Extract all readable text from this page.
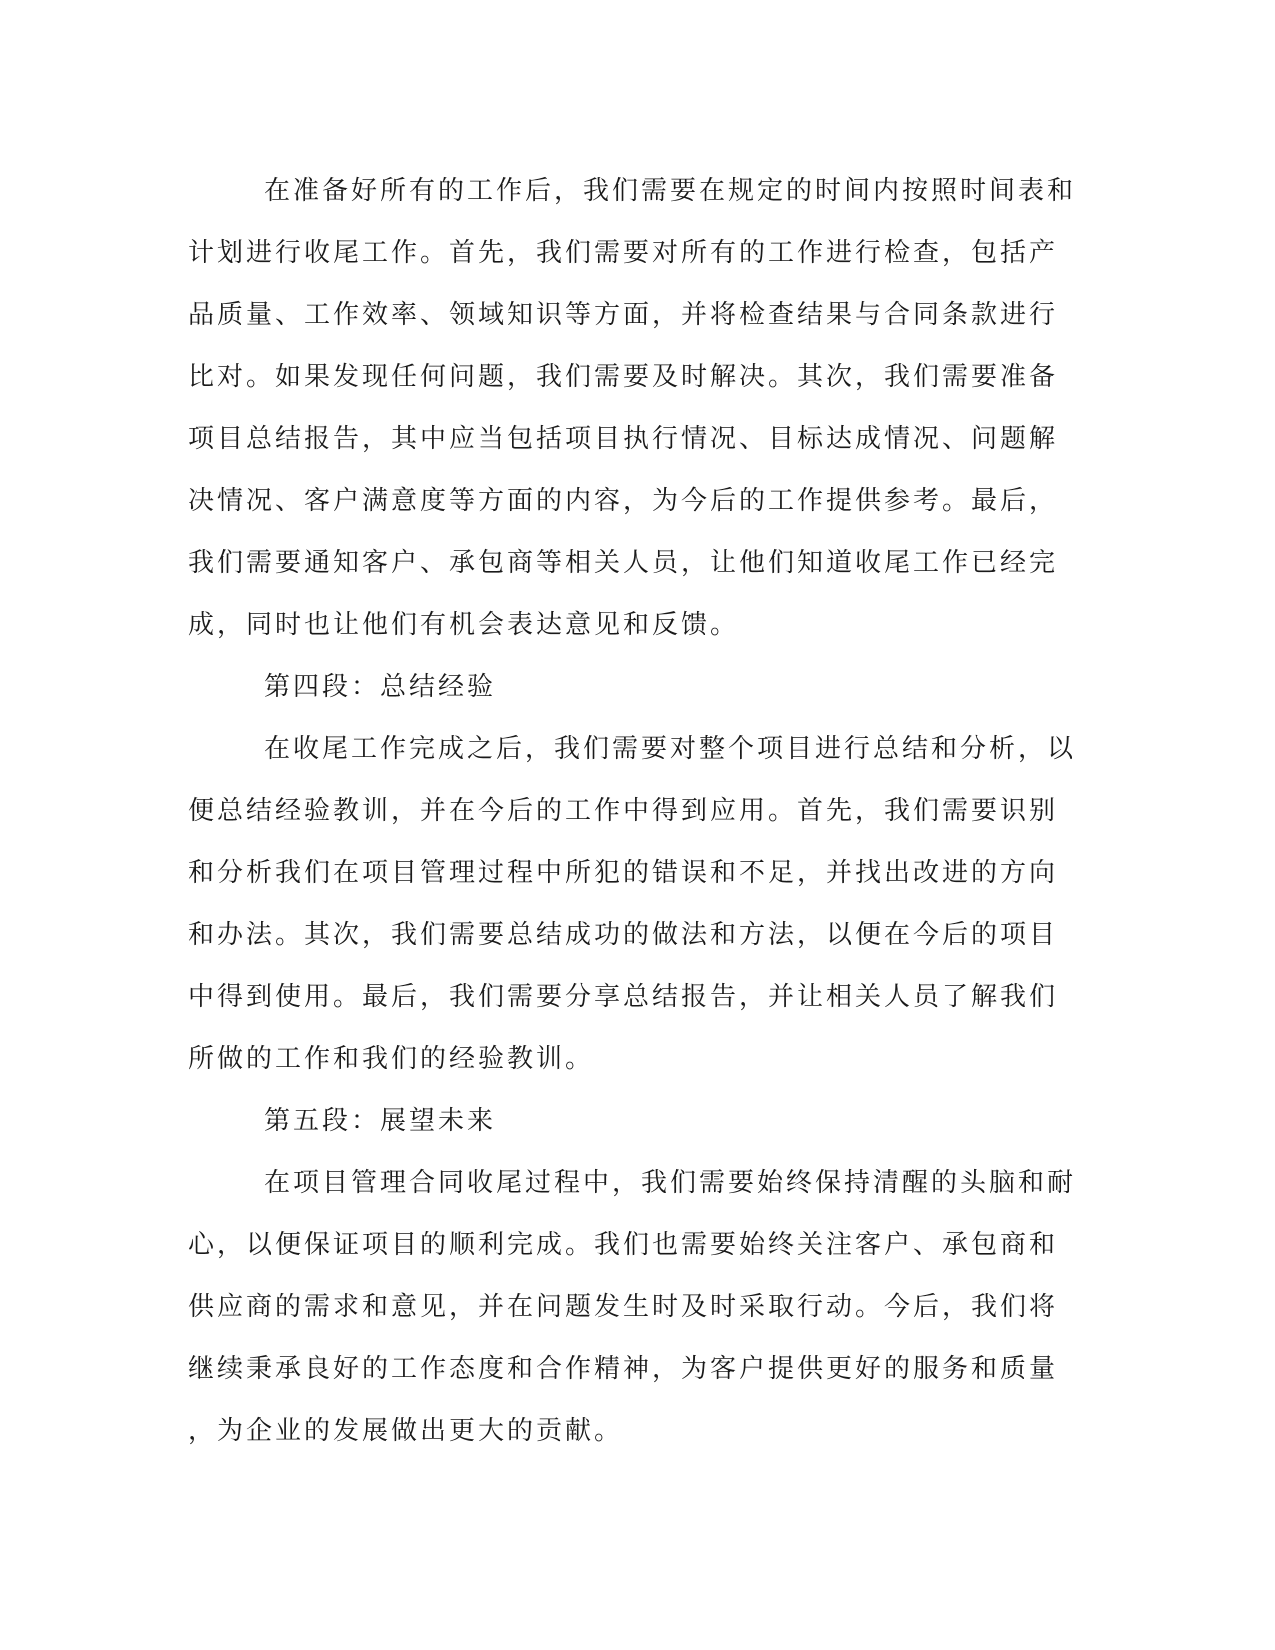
在准备好所有的工作后，我们需要在规定的时间内按照时间表和
计划进行收尾工作。首先，我们需要对所有的工作进行检查，包括产
品质量、工作效率、领域知识等方面，并将检查结果与合同条款进行
比对。如果发现任何问题，我们需要及时解决。其次，我们需要准备
项目总结报告，其中应当包括项目执行情况、目标达成情况、问题解
决情况、客户满意度等方面的内容，为今后的工作提供参考。最后，
我们需要通知客户、承包商等相关人员，让他们知道收尾工作已经完
成，同时也让他们有机会表达意见和反馈。
第四段：总结经验
在收尾工作完成之后，我们需要对整个项目进行总结和分析，以
便总结经验教训，并在今后的工作中得到应用。首先，我们需要识别
和分析我们在项目管理过程中所犯的错误和不足，并找出改进的方向
和办法。其次，我们需要总结成功的做法和方法，以便在今后的项目
中得到使用。最后，我们需要分享总结报告，并让相关人员了解我们
所做的工作和我们的经验教训。
第五段：展望未来
在项目管理合同收尾过程中，我们需要始终保持清醒的头脑和耐
心，以便保证项目的顺利完成。我们也需要始终关注客户、承包商和
供应商的需求和意见，并在问题发生时及时采取行动。今后，我们将
继续秉承良好的工作态度和合作精神，为客户提供更好的服务和质量
，为企业的发展做出更大的贡献。
